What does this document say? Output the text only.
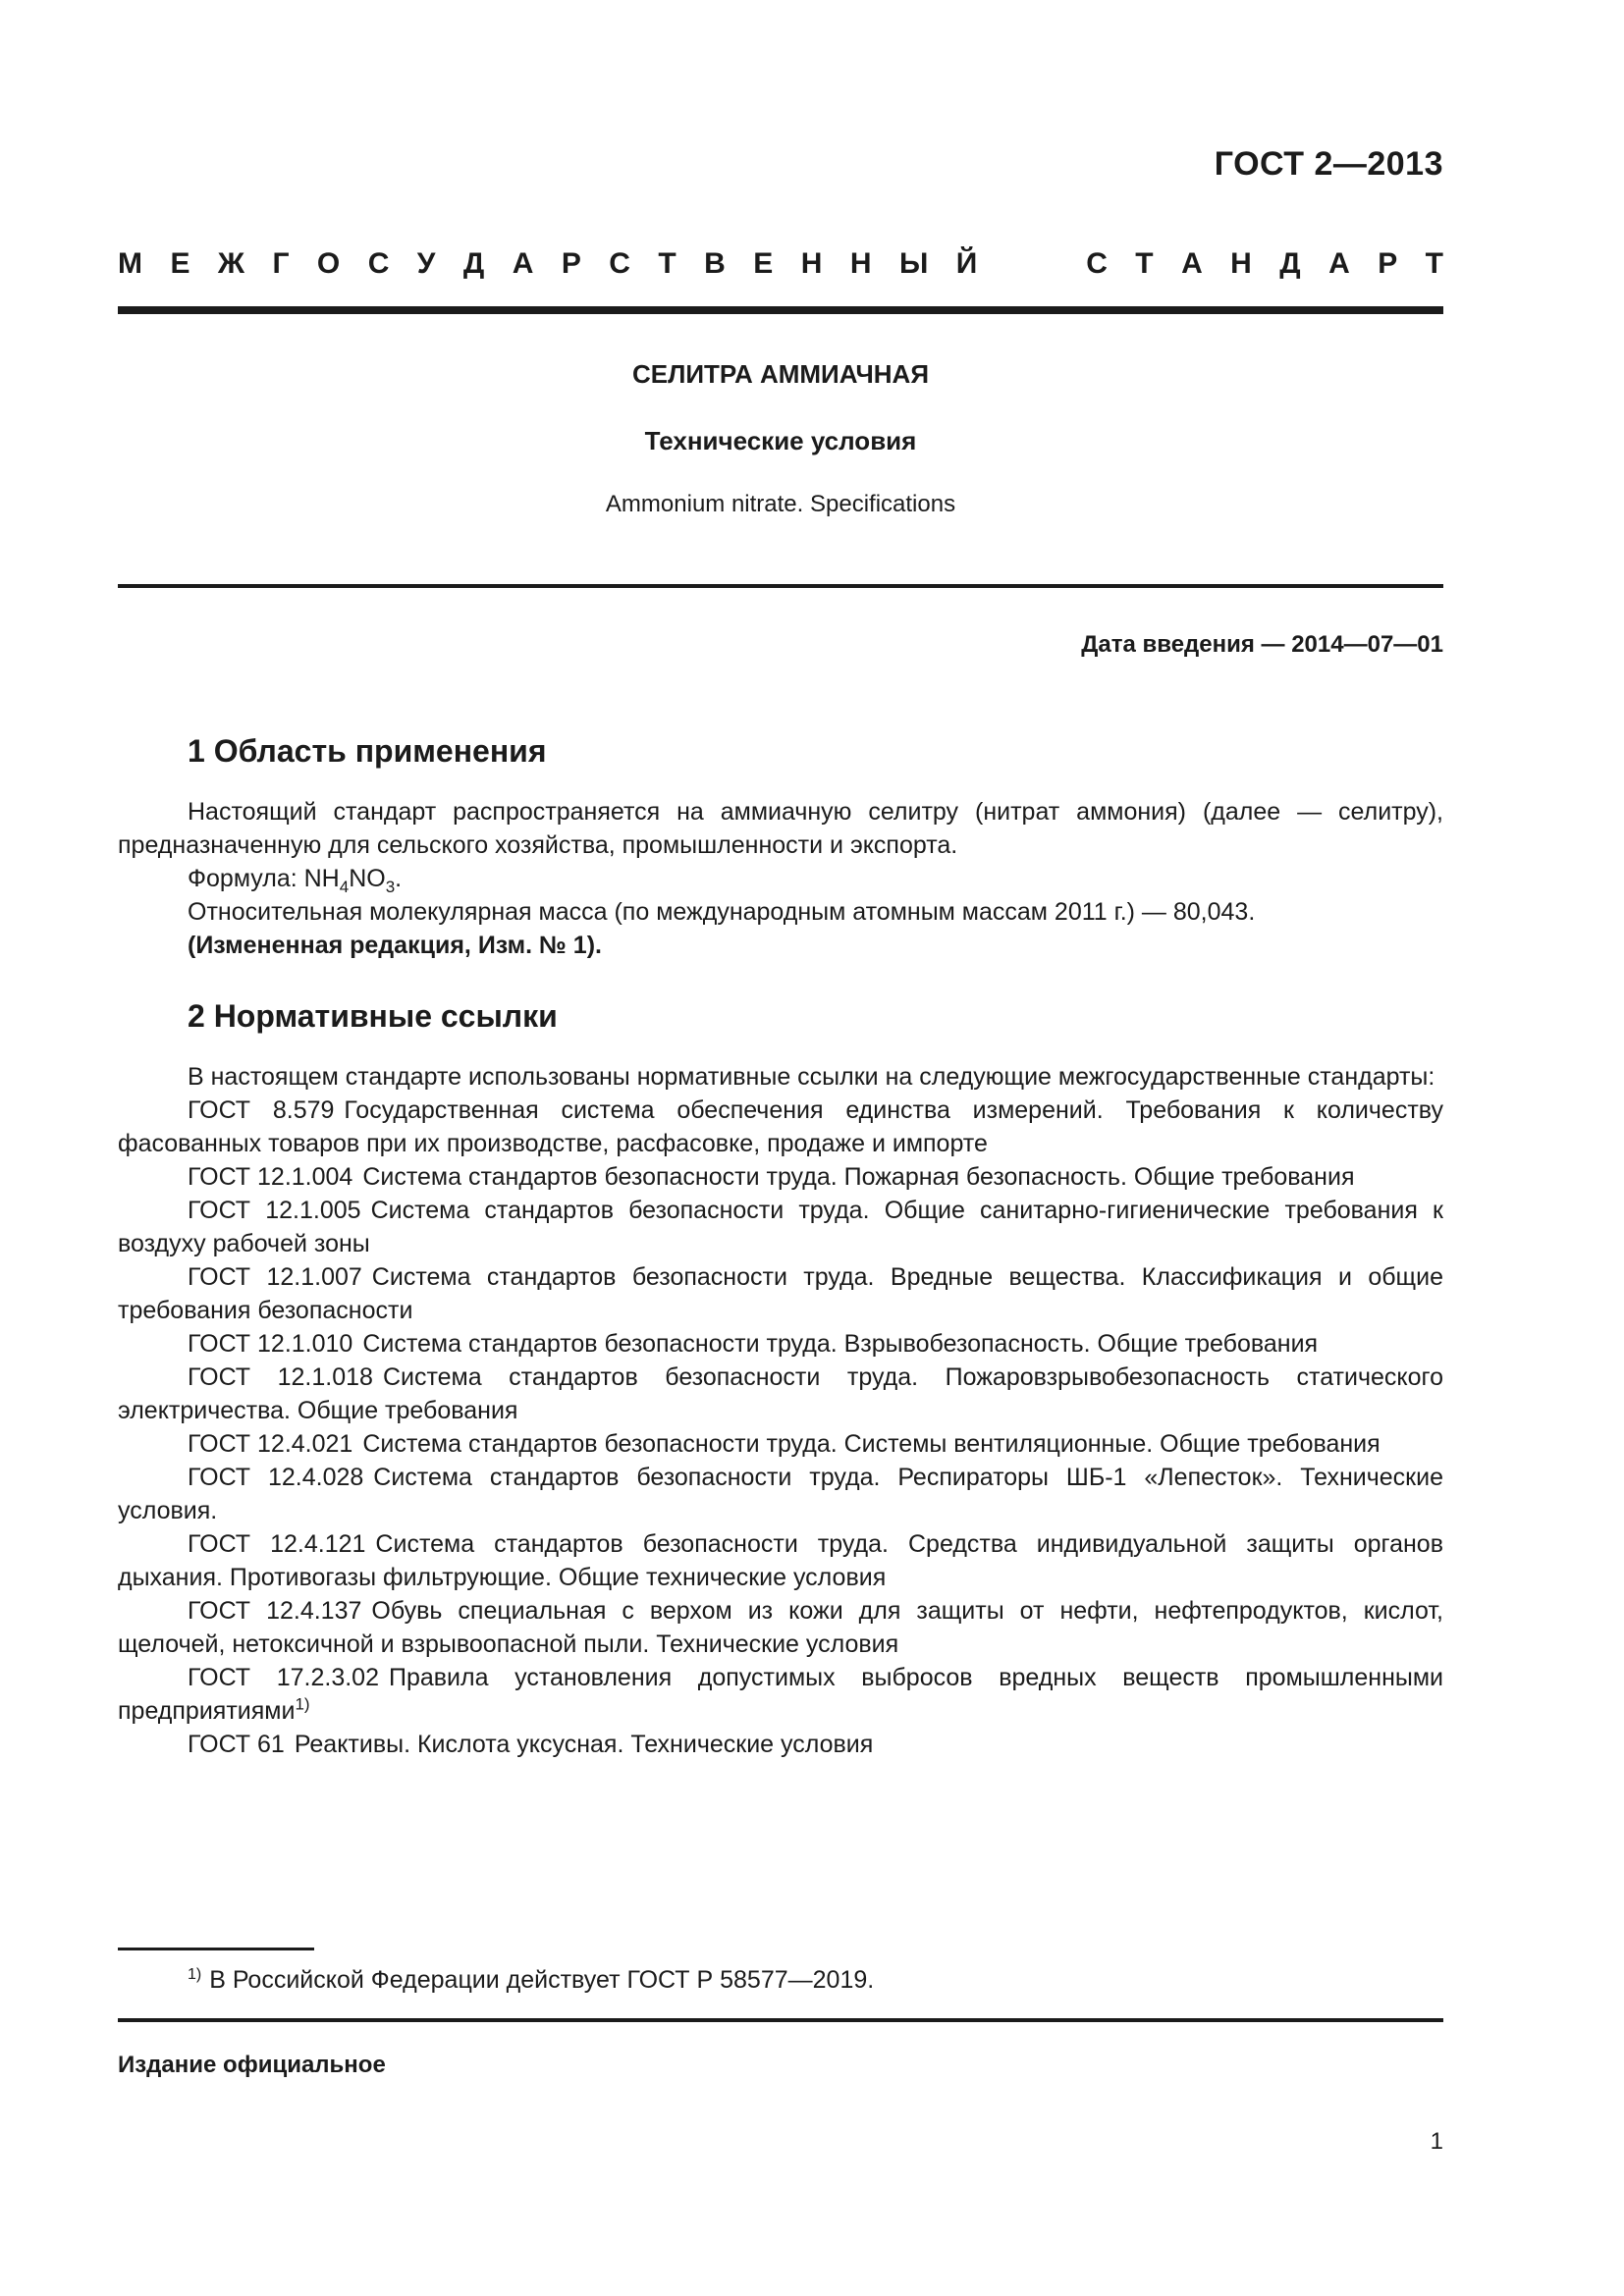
ГОСТ 2—2013
М Е Ж Г О С У Д А Р С Т В Е Н Н Ы Й	С Т А Н Д А Р Т
СЕЛИТРА АММИАЧНАЯ
Технические условия
Ammonium nitrate. Specifications
Дата введения — 2014—07—01
1 Область применения

Настоящий стандарт распространяется на аммиачную селитру (нитрат аммония) (далее — селитру), предназначенную для сельского хозяйства, промышленности и экспорта.

Формула: $NH_4NO_3$.

Относительная молекулярная масса (по международным атомным массам 2011 г.) — 80,043.

(Измененная редакция, Изм. № 1).

2 Нормативные ссылки

В настоящем стандарте использованы нормативные ссылки на следующие межгосударственные стандарты:

ГОСТ 8.579 Государственная система обеспечения единства измерений. Требования к количеству фасованных товаров при их производстве, расфасовке, продаже и импорте

ГОСТ 12.1.004 Система стандартов безопасности труда. Пожарная безопасность. Общие требования

ГОСТ 12.1.005 Система стандартов безопасности труда. Общие санитарно-гигиенические требования к воздуху рабочей зоны

ГОСТ 12.1.007 Система стандартов безопасности труда. Вредные вещества. Классификация и общие требования безопасности

ГОСТ 12.1.010 Система стандартов безопасности труда. Взрывобезопасность. Общие требования

ГОСТ 12.1.018 Система стандартов безопасности труда. Пожаровзрывобезопасность статического электричества. Общие требования

ГОСТ 12.4.021 Система стандартов безопасности труда. Системы вентиляционные. Общие требования

ГОСТ 12.4.028 Система стандартов безопасности труда. Респираторы ШБ-1 «Лепесток». Технические условия.

ГОСТ 12.4.121 Система стандартов безопасности труда. Средства индивидуальной защиты органов дыхания. Противогазы фильтрующие. Общие технические условия

ГОСТ 12.4.137 Обувь специальная с верхом из кожи для защиты от нефти, нефтепродуктов, кислот, щелочей, нетоксичной и взрывоопасной пыли. Технические условия

ГОСТ 17.2.3.02 Правила установления допустимых выбросов вредных веществ промышленными предприятиями$^{1)}$

ГОСТ 61 Реактивы. Кислота уксусная. Технические условия

$^{1)}$ В Российской Федерации действует ГОСТ Р 58577—2019.
Издание официальное
1
